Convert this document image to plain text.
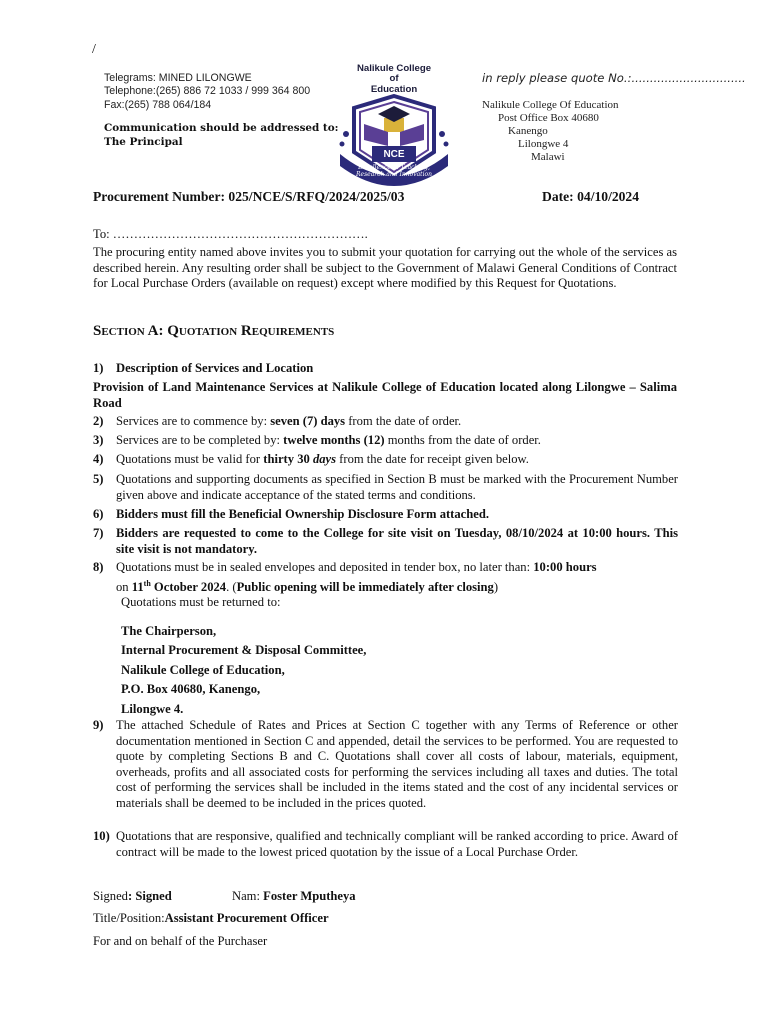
/
Telegrams: MINED LILONGWE
Telephone:(265) 886 72 1033 / 999 364 800
Fax:(265) 788 064/184
Communication should be addressed to:
The Principal
Nalikule College
of
Education
NCE
Excellence in Teaching,
Research and Innovation
in reply please quote No.:...............................
Nalikule College Of Education
Post Office Box 40680
Kanengo
Lilongwe 4
Malawi
Procurement Number: 025/NCE/S/RFQ/2024/2025/03	Date: 04/10/2024
To: …………………………………………………….
The procuring entity named above invites you to submit your quotation for carrying out the whole of the services as described herein. Any resulting order shall be subject to the Government of Malawi General Conditions of Contract for Local Purchase Orders (available on request) except where modified by this Request for Quotations.
Section A: Quotation Requirements
1) Description of Services and Location
Provision of Land Maintenance Services at Nalikule College of Education located along Lilongwe – Salima Road
2) Services are to commence by: seven (7) days from the date of order.
3) Services are to be completed by: twelve months (12) months from the date of order.
4) Quotations must be valid for thirty 30 days from the date for receipt given below.
5) Quotations and supporting documents as specified in Section B must be marked with the Procurement Number given above and indicate acceptance of the stated terms and conditions.
6) Bidders must fill the Beneficial Ownership Disclosure Form attached.
7) Bidders are requested to come to the College for site visit on Tuesday, 08/10/2024 at 10:00 hours. This site visit is not mandatory.
8) Quotations must be in sealed envelopes and deposited in tender box, no later than: 10:00 hours
on 11th October 2024. (Public opening will be immediately after closing)
Quotations must be returned to:
The Chairperson,
Internal Procurement & Disposal Committee,
Nalikule College of Education,
P.O. Box 40680, Kanengo,
Lilongwe 4.
9) The attached Schedule of Rates and Prices at Section C together with any Terms of Reference or other documentation mentioned in Section C and appended, detail the services to be performed. You are requested to quote by completing Sections B and C. Quotations shall cover all costs of labour, materials, equipment, overheads, profits and all associated costs for performing the services including all taxes and duties. The total cost of performing the services shall be included in the items stated and the cost of any incidental services or materials shall be deemed to be included in the prices quoted.
10) Quotations that are responsive, qualified and technically compliant will be ranked according to price. Award of contract will be made to the lowest priced quotation by the issue of a Local Purchase Order.
Signed: Signed	Nam: Foster Mputheya
Title/Position:Assistant Procurement Officer
For and on behalf of the Purchaser
